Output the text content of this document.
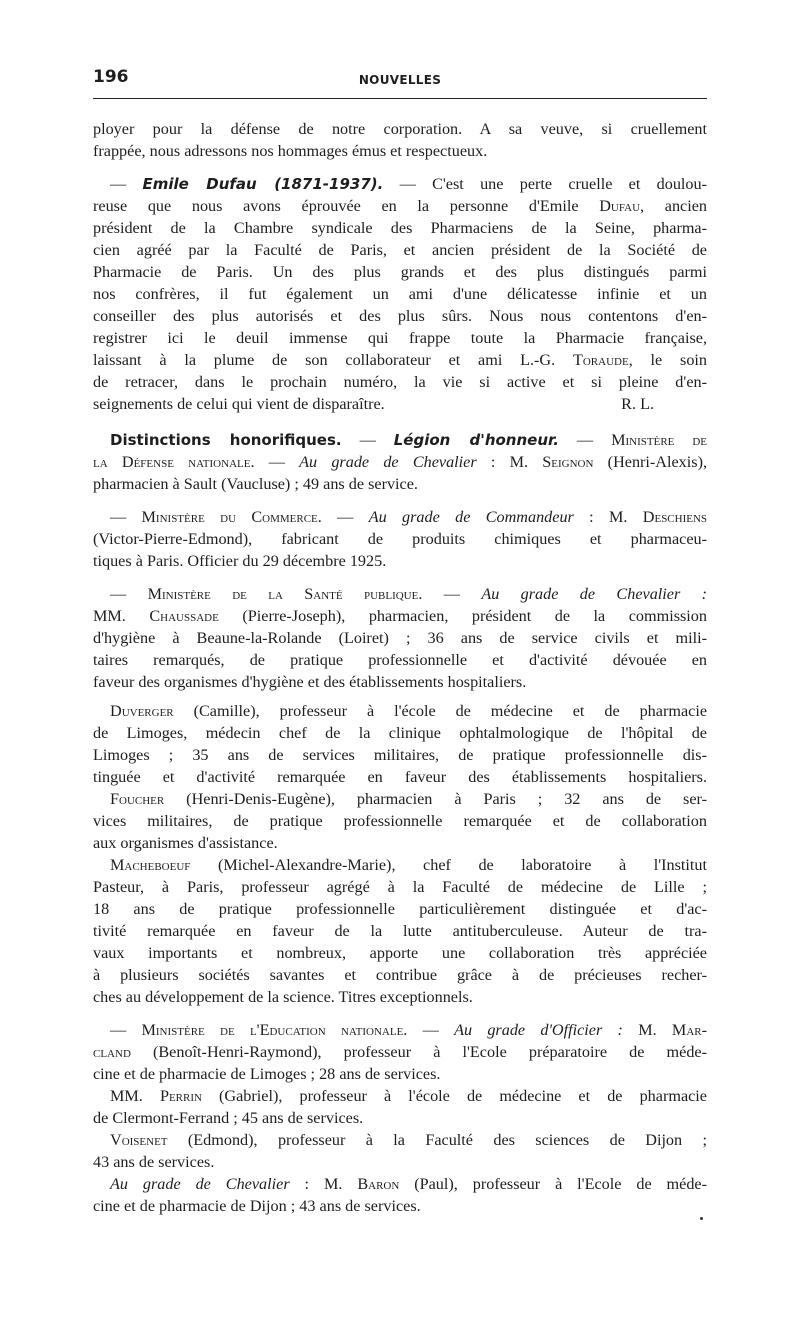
196	NOUVELLES
ployer pour la défense de notre corporation. A sa veuve, si cruellement
frappée, nous adressons nos hommages émus et respectueux.
— Emile Dufau (1871-1937). — C'est une perte cruelle et doulou-
reuse que nous avons éprouvée en la personne d'Emile Dufau, ancien
président de la Chambre syndicale des Pharmaciens de la Seine, pharma-
cien agréé par la Faculté de Paris, et ancien président de la Société de
Pharmacie de Paris. Un des plus grands et des plus distingués parmi
nos confrères, il fut également un ami d'une délicatesse infinie et un
conseiller des plus autorisés et des plus sûrs. Nous nous contentons d'en-
registrer ici le deuil immense qui frappe toute la Pharmacie française,
laissant à la plume de son collaborateur et ami L.-G. Toraude, le soin
de retracer, dans le prochain numéro, la vie si active et si pleine d'en-
seignements de celui qui vient de disparaître.	R. L.
Distinctions honorifiques. — Légion d'honneur. — Ministère de
la Défense nationale. — Au grade de Chevalier : M. Seignon (Henri-Alexis),
pharmacien à Sault (Vaucluse) ; 49 ans de service.
— Ministère du Commerce. — Au grade de Commandeur : M. Deschiens
(Victor-Pierre-Edmond), fabricant de produits chimiques et pharmaceu-
tiques à Paris. Officier du 29 décembre 1925.
— Ministère de la Santé publique. — Au grade de Chevalier :
MM. Chaussade (Pierre-Joseph), pharmacien, président de la commission
d'hygiène à Beaune-la-Rolande (Loiret) ; 36 ans de service civils et mili-
taires remarqués, de pratique professionnelle et d'activité dévouée en
faveur des organismes d'hygiène et des établissements hospitaliers.
Duverger (Camille), professeur à l'école de médecine et de pharmacie
de Limoges, médecin chef de la clinique ophtalmologique de l'hôpital de
Limoges ; 35 ans de services militaires, de pratique professionnelle dis-
tinguée et d'activité remarquée en faveur des établissements hospitaliers.
Foucher (Henri-Denis-Eugène), pharmacien à Paris ; 32 ans de ser-
vices militaires, de pratique professionnelle remarquée et de collaboration
aux organismes d'assistance.
Macheboeuf (Michel-Alexandre-Marie), chef de laboratoire à l'Institut
Pasteur, à Paris, professeur agrégé à la Faculté de médecine de Lille ;
18 ans de pratique professionnelle particulièrement distinguée et d'ac-
tivité remarquée en faveur de la lutte antituberculeuse. Auteur de tra-
vaux importants et nombreux, apporte une collaboration très appréciée
à plusieurs sociétés savantes et contribue grâce à de précieuses recher-
ches au développement de la science. Titres exceptionnels.
— Ministère de l'Education nationale. — Au grade d'Officier : M. Mar-
cland (Benoît-Henri-Raymond), professeur à l'Ecole préparatoire de méde-
cine et de pharmacie de Limoges ; 28 ans de services.
MM. Perrin (Gabriel), professeur à l'école de médecine et de pharmacie
de Clermont-Ferrand ; 45 ans de services.
Voisenet (Edmond), professeur à la Faculté des sciences de Dijon ;
43 ans de services.
Au grade de Chevalier : M. Baron (Paul), professeur à l'Ecole de méde-
cine et de pharmacie de Dijon ; 43 ans de services.
